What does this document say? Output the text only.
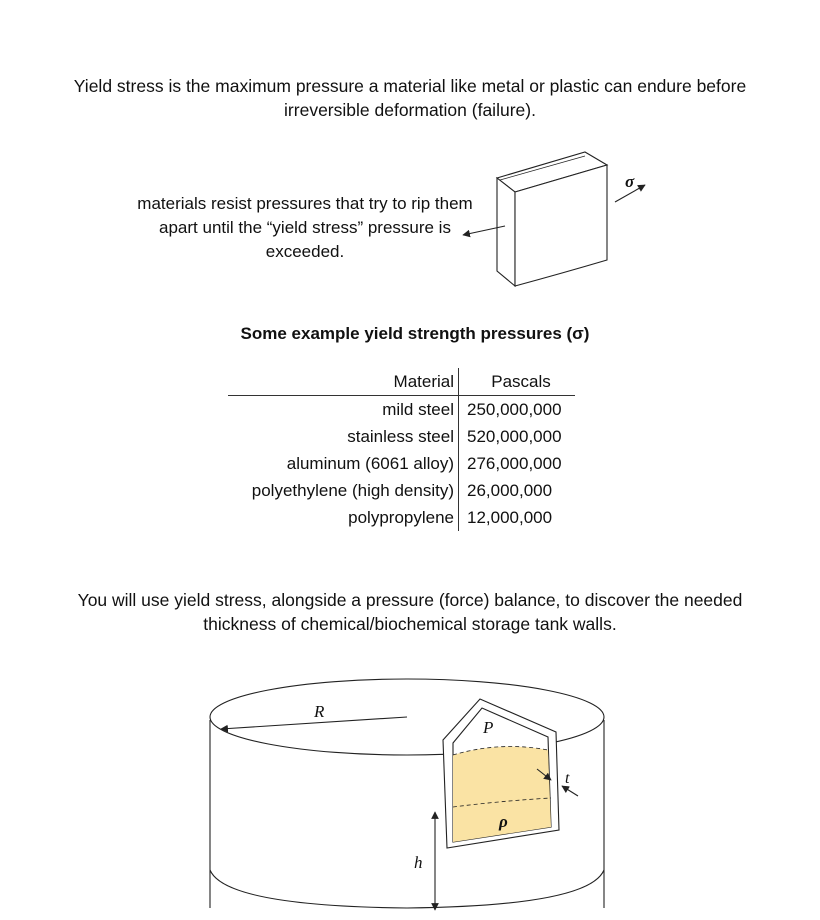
Yield stress is the maximum pressure a material like metal or plastic can endure before irreversible deformation (failure).
materials resist pressures that try to rip them apart until the “yield stress” pressure is exceeded.
σ
Some example yield strength pressures (σ)
Material	Pascals
mild steel	250,000,000
stainless steel	520,000,000
aluminum (6061 alloy)	276,000,000
polyethylene (high density)	26,000,000
polypropylene	12,000,000
You will use yield stress, alongside a pressure (force) balance, to discover the needed thickness of chemical/biochemical storage tank walls.
R
P
t
ρ
h
